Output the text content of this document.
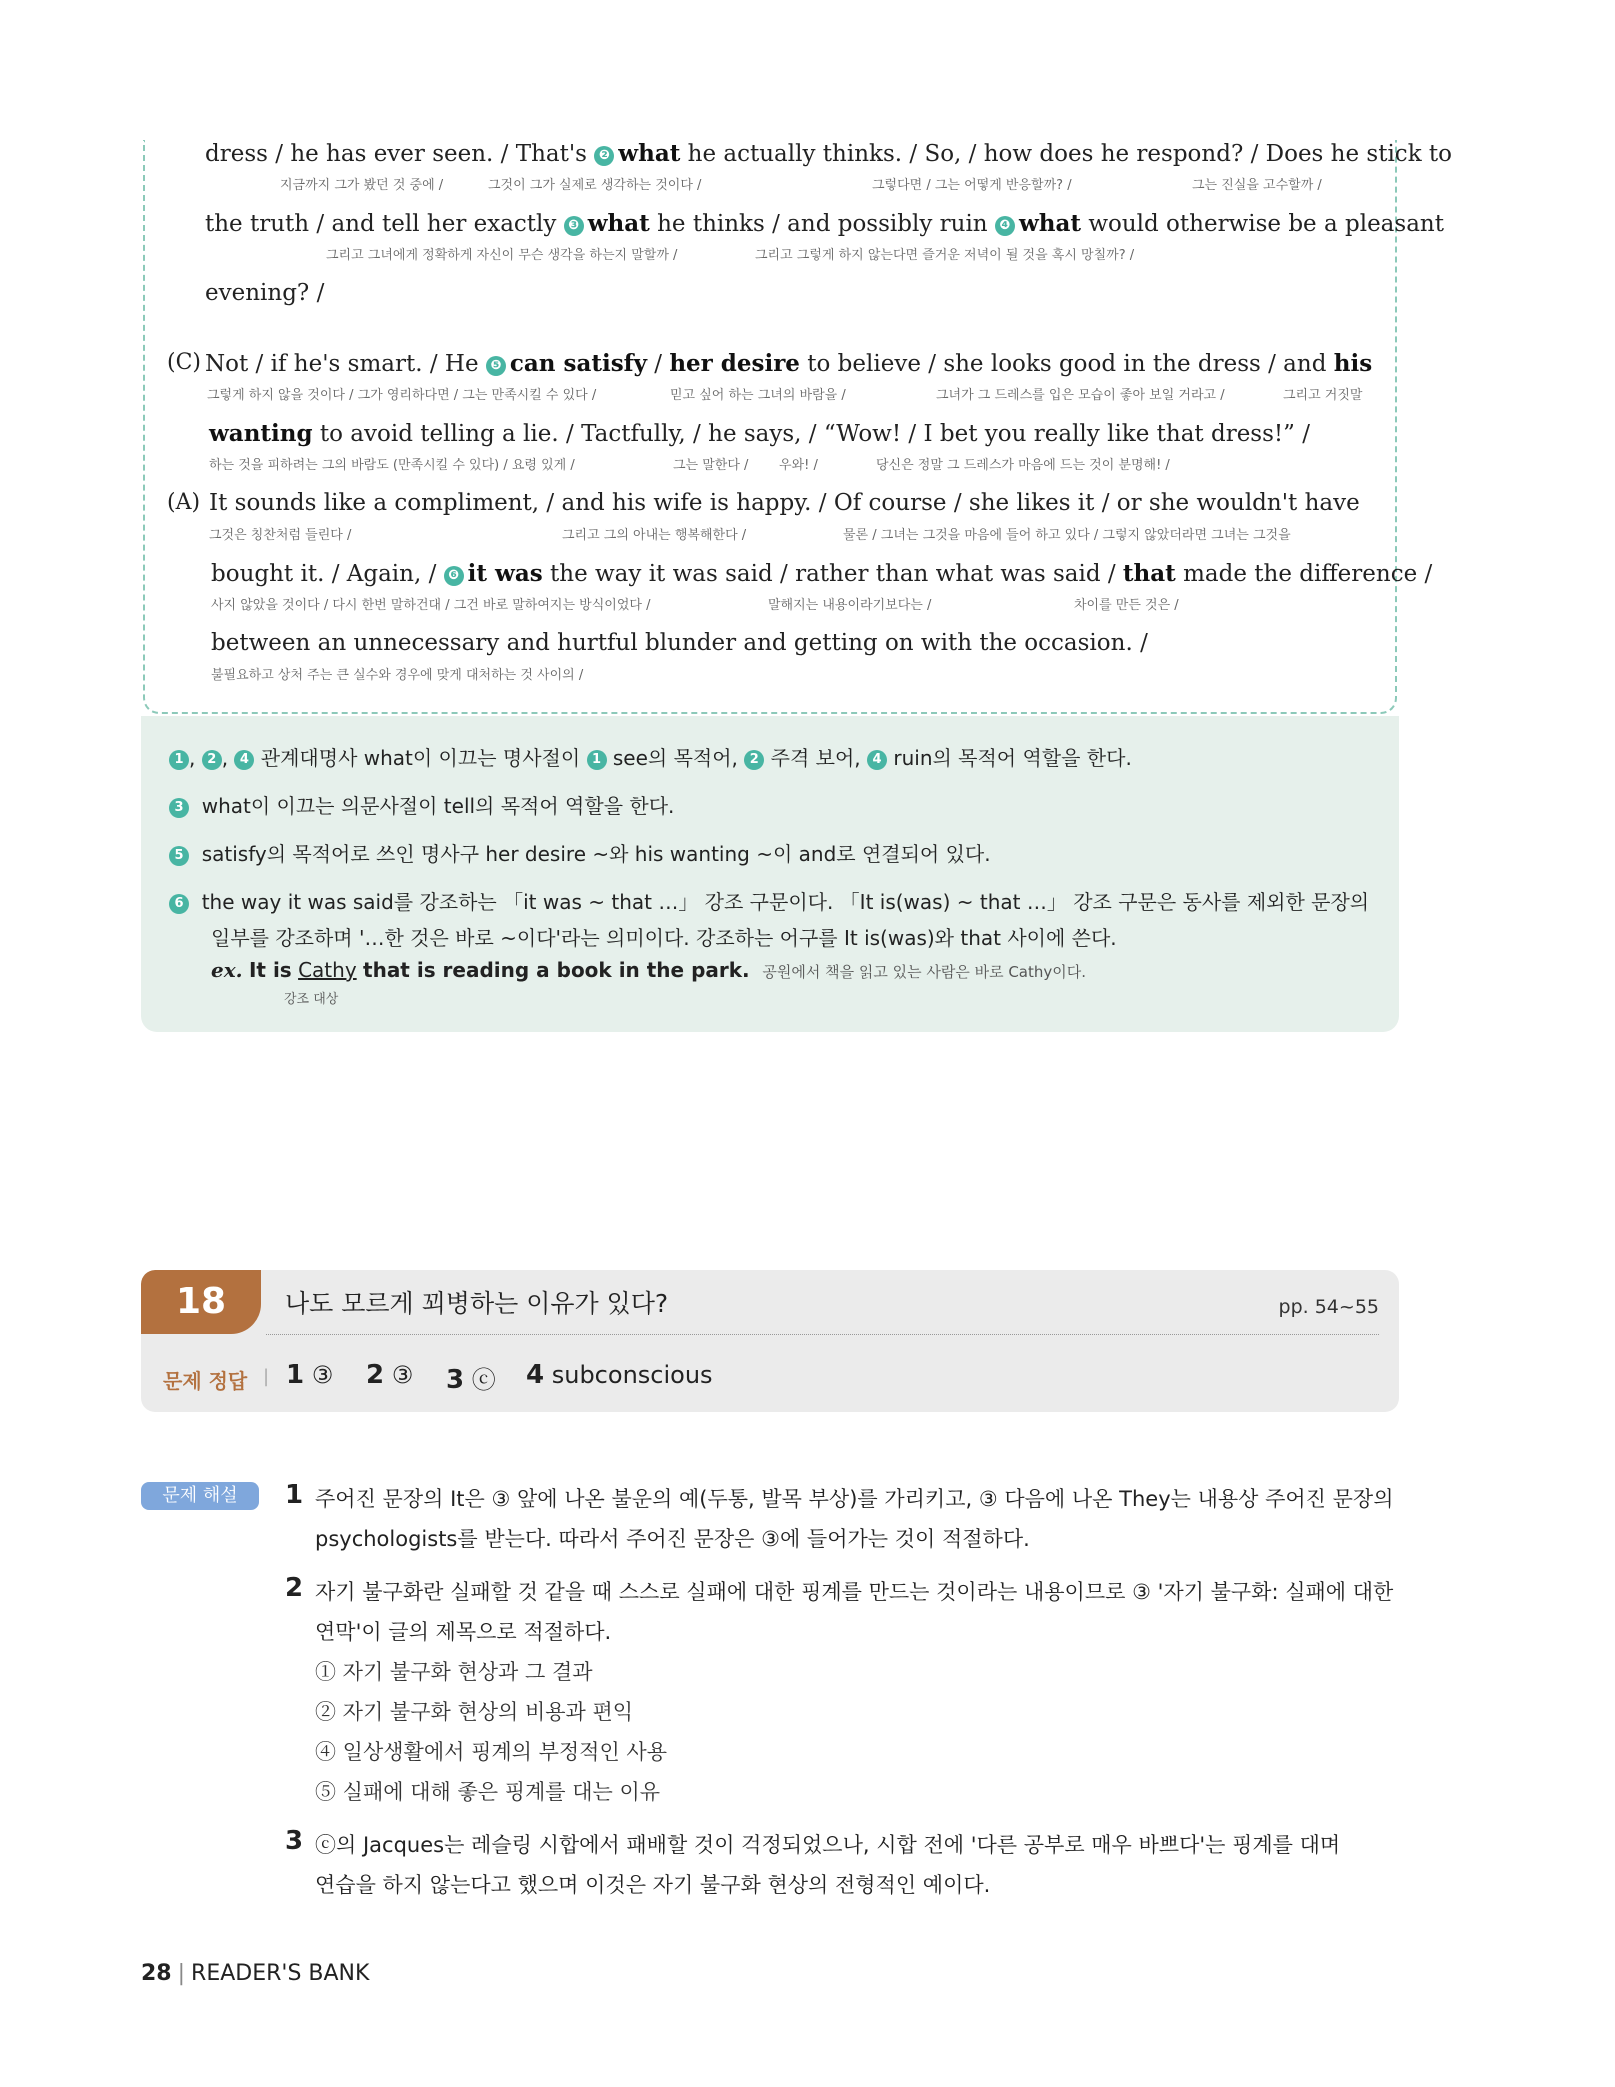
dress / he has ever seen. / That's ❷ what he actually thinks. / So, / how does he respond? / Does he stick to
지금까지 그가 봤던 것 중에 /	그것이 그가 실제로 생각하는 것이다 /	그렇다면 / 그는 어떻게 반응할까? /	그는 진실을 고수할까 /
the truth / and tell her exactly ❸ what he thinks / and possibly ruin ❹ what would otherwise be a pleasant
그리고 그녀에게 정확하게 자신이 무슨 생각을 하는지 말할까 /	그리고 그렇게 하지 않는다면 즐거운 저녁이 될 것을 혹시 망칠까? /
evening? /
(C) Not / if he's smart. / He ❺ can satisfy / her desire to believe / she looks good in the dress / and his
그렇게 하지 않을 것이다 / 그가 영리하다면 / 그는 만족시킬 수 있다 /	믿고 싶어 하는 그녀의 바람을 /	그녀가 그 드레스를 입은 모습이 좋아 보일 거라고 /	그리고 거짓말
wanting to avoid telling a lie. / Tactfully, / he says, / “Wow! / I bet you really like that dress!” /
하는 것을 피하려는 그의 바람도 (만족시킬 수 있다) / 요령 있게 /	그는 말한다 / 우와! /	당신은 정말 그 드레스가 마음에 드는 것이 분명해! /
(A) It sounds like a compliment, / and his wife is happy. / Of course / she likes it / or she wouldn't have
그것은 칭찬처럼 들린다 /	그리고 그의 아내는 행복해한다 /	물론 / 그녀는 그것을 마음에 들어 하고 있다 / 그렇지 않았더라면 그녀는 그것을
bought it. / Again, / ❻ it was the way it was said / rather than what was said / that made the difference /
사지 않았을 것이다 / 다시 한번 말하건대 / 그건 바로 말하여지는 방식이었다 /	말해지는 내용이라기보다는 /	차이를 만든 것은 /
between an unnecessary and hurtful blunder and getting on with the occasion. /
불필요하고 상처 주는 큰 실수와 경우에 맞게 대처하는 것 사이의 /
1 , 2 , 4 관계대명사 what이 이끄는 명사절이 1 see의 목적어, 2 주격 보어, 4 ruin의 목적어 역할을 한다.
3 what이 이끄는 의문사절이 tell의 목적어 역할을 한다.
5 satisfy의 목적어로 쓰인 명사구 her desire ~와 his wanting ~이 and로 연결되어 있다.
6 the way it was said를 강조하는 「it was ~ that …」 강조 구문이다. 「It is(was) ~ that …」 강조 구문은 동사를 제외한 문장의
일부를 강조하며 '…한 것은 바로 ~이다'라는 의미이다. 강조하는 어구를 It is(was)와 that 사이에 쓴다.
ex. It is Cathy that is reading a book in the park. 공원에서 책을 읽고 있는 사람은 바로 Cathy이다.
강조 대상
18	나도 모르게 꾀병하는 이유가 있다?	pp. 54~55
문제 정답 | 1 ③ 2 ③ 3 ⓒ 4 subconscious
문제 해설	1 주어진 문장의 It은 ③ 앞에 나온 불운의 예(두통, 발목 부상)를 가리키고, ③ 다음에 나온 They는 내용상 주어진 문장의
psychologists를 받는다. 따라서 주어진 문장은 ③에 들어가는 것이 적절하다.
2 자기 불구화란 실패할 것 같을 때 스스로 실패에 대한 핑계를 만드는 것이라는 내용이므로 ③ '자기 불구화: 실패에 대한
연막'이 글의 제목으로 적절하다.
① 자기 불구화 현상과 그 결과
② 자기 불구화 현상의 비용과 편익
④ 일상생활에서 핑계의 부정적인 사용
⑤ 실패에 대해 좋은 핑계를 대는 이유
3 ⓒ의 Jacques는 레슬링 시합에서 패배할 것이 걱정되었으나, 시합 전에 '다른 공부로 매우 바쁘다'는 핑계를 대며
연습을 하지 않는다고 했으며 이것은 자기 불구화 현상의 전형적인 예이다.
28 | READER'S BANK
